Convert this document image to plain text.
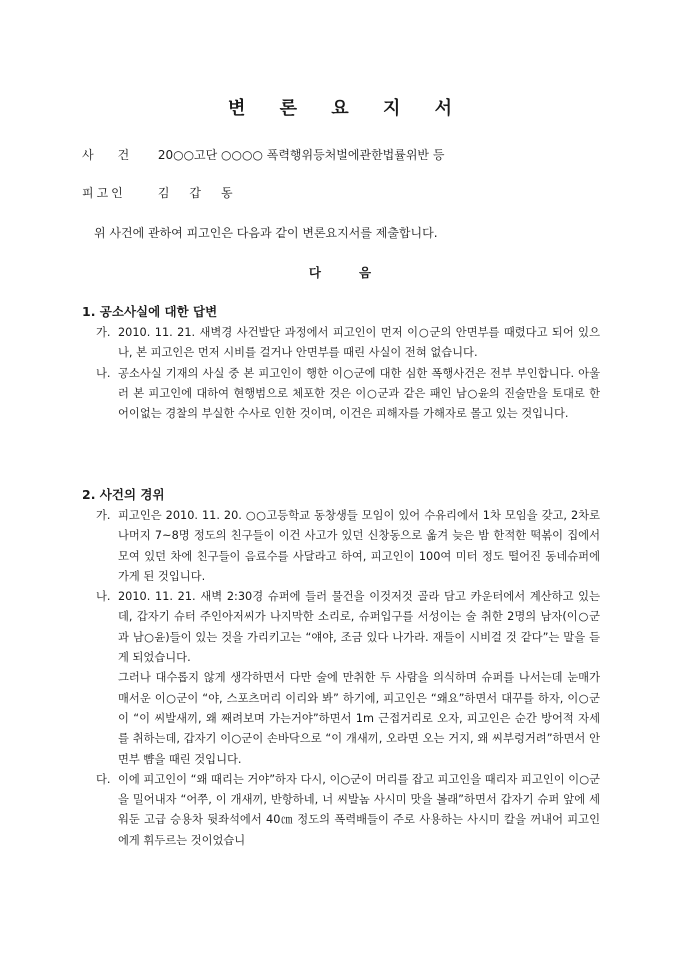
변 론 요 지 서
사건 20○○고단 ○○○○ 폭력행위등처벌에관한법률위반 등
피고인	김갑동
위 사건에 관하여 피고인은 다음과 같이 변론요지서를 제출합니다.
다음
1. 공소사실에 대한 답변
가. 2010. 11. 21. 새벽경 사건발단 과정에서 피고인이 먼저 이○군의 안면부를 때렸다고 되어 있으나, 본 피고인은 먼저 시비를 걸거나 안면부를 때린 사실이 전혀 없습니다.

나. 공소사실 기재의 사실 중 본 피고인이 행한 이○군에 대한 심한 폭행사건은 전부 부인합니다. 아울러 본 피고인에 대하여 현행범으로 체포한 것은 이○군과 같은 패인 남○윤의 진술만을 토대로 한 어이없는 경찰의 부실한 수사로 인한 것이며, 이건은 피해자를 가해자로 몰고 있는 것입니다.

2. 사건의 경위
가. 피고인은 2010. 11. 20. ○○고등학교 동창생들 모임이 있어 수유리에서 1차 모임을 갖고, 2차로 나머지 7~8명 정도의 친구들이 이건 사고가 있던 신창동으로 옮겨 늦은 밤 한적한 떡볶이 집에서 모여 있던 차에 친구들이 음료수를 사달라고 하여, 피고인이 100여 미터 정도 떨어진 동네슈퍼에 가게 된 것입니다.

나. 2010. 11. 21. 새벽 2:30경 슈퍼에 들러 물건을 이것저것 골라 담고 카운터에서 계산하고 있는데, 갑자기 슈터 주인아저씨가 나지막한 소리로, 슈퍼입구를 서성이는 술 취한 2명의 남자(이○군과 남○윤)들이 있는 것을 가리키고는 “얘야, 조금 있다 나가라. 재들이 시비걸 것 같다”는 말을 듣게 되었습니다.

그러나 대수롭지 않게 생각하면서 다만 술에 만취한 두 사람을 의식하며 슈퍼를 나서는데 눈매가 매서운 이○군이 “야, 스포츠머리 이리와 봐” 하기에, 피고인은 “왜요”하면서 대꾸를 하자, 이○군이 “이 씨발새끼, 왜 째려보며 가는거야”하면서 1m 근접거리로 오자, 피고인은 순간 방어적 자세를 취하는데, 갑자기 이○군이 손바닥으로 “이 개새끼, 오라면 오는 거지, 왜 씨부렁거려”하면서 안면부 뺨을 때린 것입니다.

다. 이에 피고인이 “왜 때리는 거야”하자 다시, 이○군이 머리를 잡고 피고인을 때리자 피고인이 이○군을 밀어내자 “어쭈, 이 개새끼, 반항하네, 너 씨발놈 사시미 맛을 볼래”하면서 갑자기 슈퍼 앞에 세워둔 고급 승용차 뒷좌석에서 40㎝ 정도의 폭력배들이 주로 사용하는 사시미 칼을 꺼내어 피고인에게 휘두르는 것이었습니
